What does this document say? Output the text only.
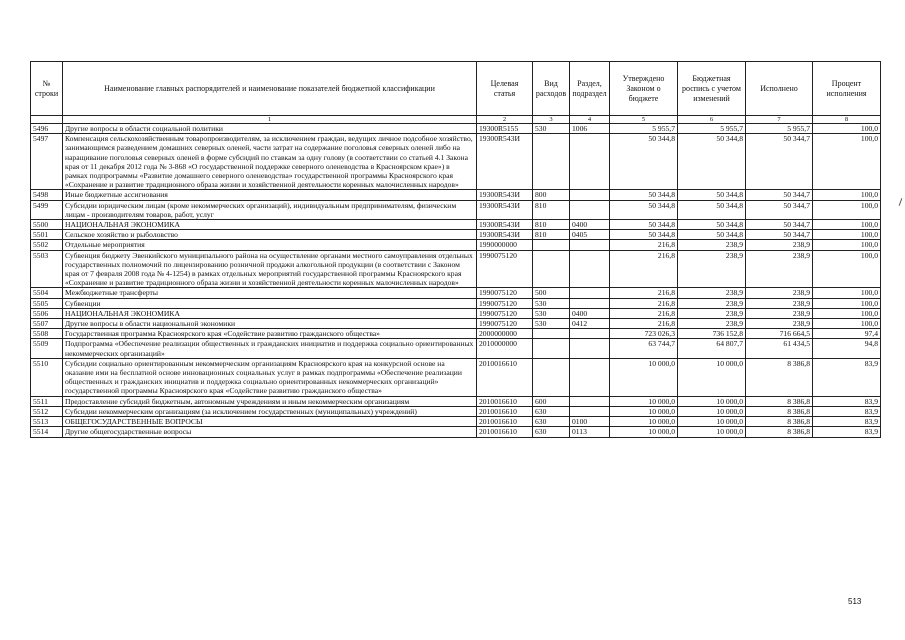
№ строки	Наименование главных распорядителей и наименование показателей бюджетной классификации	Целевая статья	Вид расходов	Раздел, подраздел	Утверждено Законом о бюджете	Бюджетная роспись с учетом изменений	Исполнено	Процент исполнения
	1	2	3	4	5	6	7	8
5496	Другие вопросы в области социальной политики	19300R5155	530	1006	5 955,7	5 955,7	5 955,7	100,0
5497	Компенсация сельскохозяйственным товаропроизводителям, за исключением граждан, ведущих личное подсобное хозяйство, занимающимся разведением домашних северных оленей, части затрат на содержание поголовья северных оленей либо на наращивание поголовья северных оленей в форме субсидий по ставкам за одну голову (в соответствии со статьей 4.1 Закона края от 11 декабря 2012 года № 3-868 «О государственной поддержке северного оленеводства в Красноярском крае») в рамках подпрограммы «Развитие домашнего северного оленеводства» государственной программы Красноярского края «Сохранение и развитие традиционного образа жизни и хозяйственной деятельности коренных малочисленных народов»	19300R543И			50 344,8	50 344,8	50 344,7	100,0
5498	Иные бюджетные ассигнования	19300R543И	800		50 344,8	50 344,8	50 344,7	100,0
5499	Субсидии юридическим лицам (кроме некоммерческих организаций), индивидуальным предпринимателям, физическим лицам - производителям товаров, работ, услуг	19300R543И	810		50 344,8	50 344,8	50 344,7	100,0
5500	НАЦИОНАЛЬНАЯ ЭКОНОМИКА	19300R543И	810	0400	50 344,8	50 344,8	50 344,7	100,0
5501	Сельское хозяйство и рыболовство	19300R543И	810	0405	50 344,8	50 344,8	50 344,7	100,0
5502	Отдельные мероприятия	1990000000			216,8	238,9	238,9	100,0
5503	Субвенция бюджету Эвенкийского муниципального района на осуществление органами местного самоуправления отдельных государственных полномочий по лицензированию розничной продажи алкогольной продукции (в соответствии с Законом края от 7 февраля 2008 года № 4-1254) в рамках отдельных мероприятий государственной программы Красноярского края «Сохранение и развитие традиционного образа жизни и хозяйственной деятельности коренных малочисленных народов»	1990075120			216,8	238,9	238,9	100,0
5504	Межбюджетные трансферты	1990075120	500		216,8	238,9	238,9	100,0
5505	Субвенции	1990075120	530		216,8	238,9	238,9	100,0
5506	НАЦИОНАЛЬНАЯ ЭКОНОМИКА	1990075120	530	0400	216,8	238,9	238,9	100,0
5507	Другие вопросы в области национальной экономики	1990075120	530	0412	216,8	238,9	238,9	100,0
5508	Государственная программа Красноярского края «Содействие развитию гражданского общества»	2000000000			723 026,3	736 152,8	716 664,5	97,4
5509	Подпрограмма «Обеспечение реализации общественных и гражданских инициатив и поддержка социально ориентированных некоммерческих организаций»	2010000000			63 744,7	64 807,7	61 434,5	94,8
5510	Субсидии социально ориентированным некоммерческим организациям Красноярского края на конкурсной основе на оказание ими на бесплатной основе инновационных социальных услуг в рамках подпрограммы «Обеспечение реализации общественных и гражданских инициатив и поддержка социально ориентированных некоммерческих организаций» государственной программы Красноярского края «Содействие развитию гражданского общества»	2010016610			10 000,0	10 000,0	8 386,8	83,9
5511	Предоставление субсидий бюджетным, автономным учреждениям и иным некоммерческим организациям	2010016610	600		10 000,0	10 000,0	8 386,8	83,9
5512	Субсидии некоммерческим организациям (за исключением государственных (муниципальных) учреждений)	2010016610	630		10 000,0	10 000,0	8 386,8	83,9
5513	ОБЩЕГОСУДАРСТВЕННЫЕ ВОПРОСЫ	2010016610	630	0100	10 000,0	10 000,0	8 386,8	83,9
5514	Другие общегосударственные вопросы	2010016610	630	0113	10 000,0	10 000,0	8 386,8	83,9
513
